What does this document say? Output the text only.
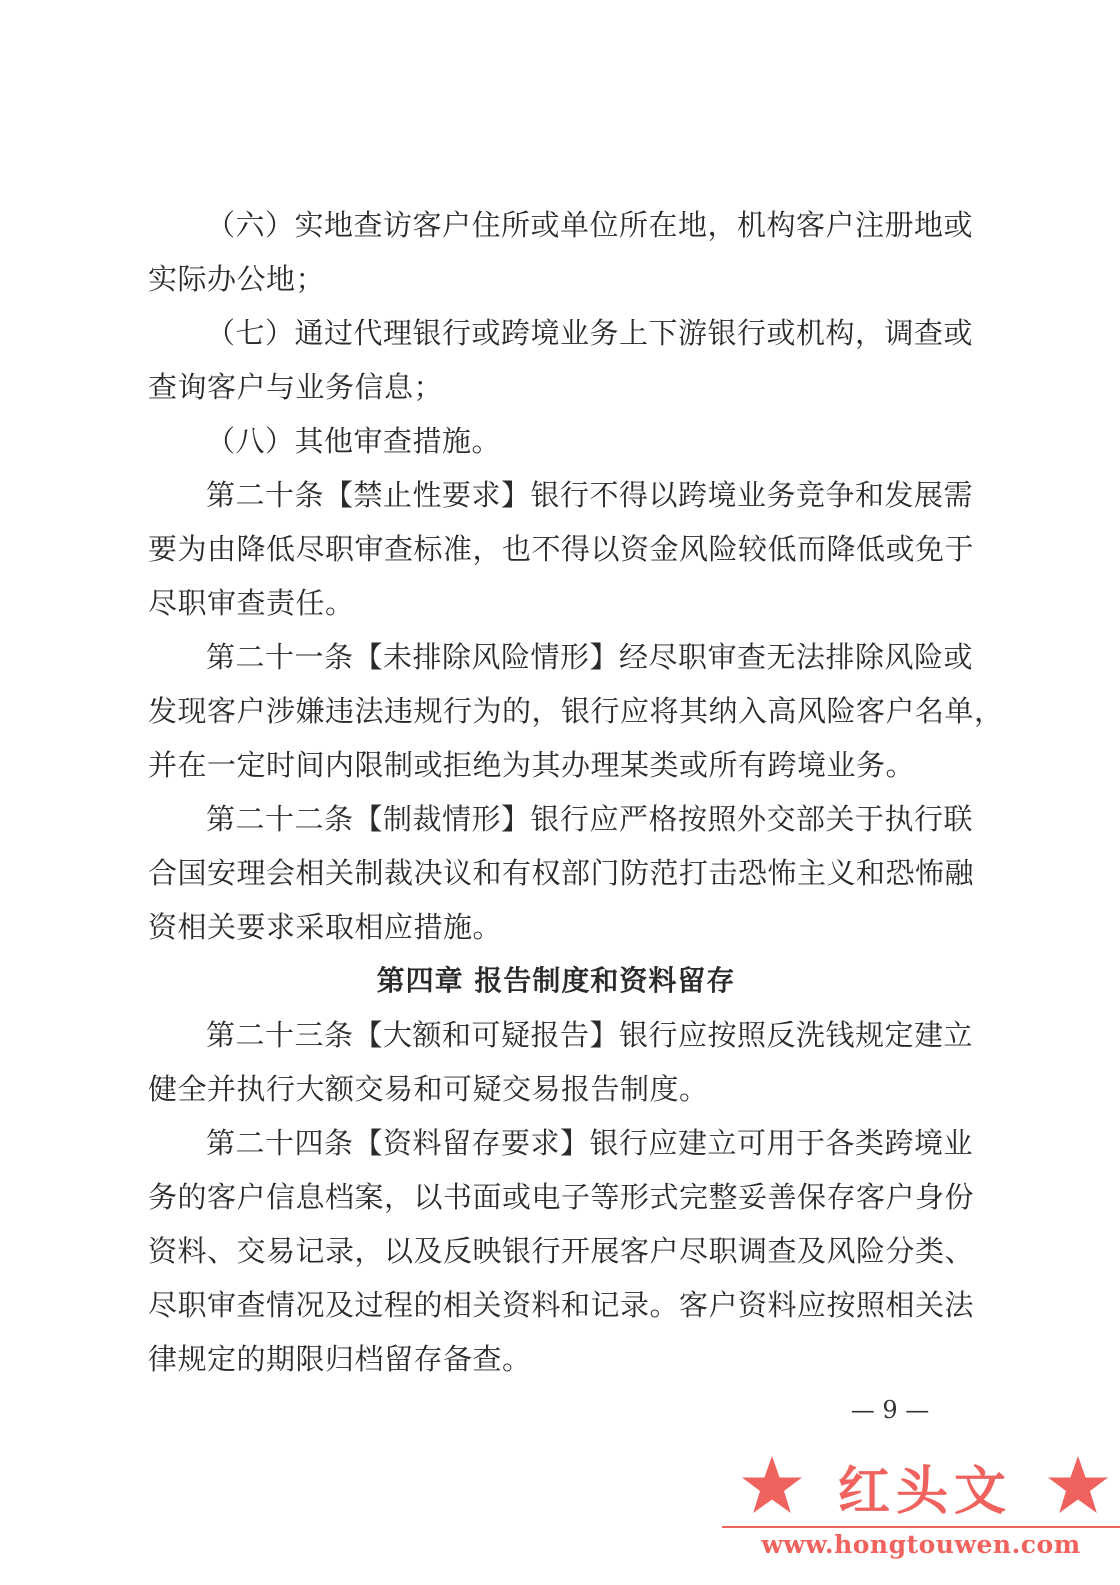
（六）实地查访客户住所或单位所在地，机构客户注册地或
实际办公地；
（七）通过代理银行或跨境业务上下游银行或机构，调查或
查询客户与业务信息；
（八）其他审查措施。
第二十条【禁止性要求】银行不得以跨境业务竞争和发展需
要为由降低尽职审查标准，也不得以资金风险较低而降低或免于
尽职审查责任。
第二十一条【未排除风险情形】经尽职审查无法排除风险或
发现客户涉嫌违法违规行为的，银行应将其纳入高风险客户名单，
并在一定时间内限制或拒绝为其办理某类或所有跨境业务。
第二十二条【制裁情形】银行应严格按照外交部关于执行联
合国安理会相关制裁决议和有权部门防范打击恐怖主义和恐怖融
资相关要求采取相应措施。
第四章 报告制度和资料留存
第二十三条【大额和可疑报告】银行应按照反洗钱规定建立
健全并执行大额交易和可疑交易报告制度。
第二十四条【资料留存要求】银行应建立可用于各类跨境业
务的客户信息档案，以书面或电子等形式完整妥善保存客户身份
资料、交易记录，以及反映银行开展客户尽职调查及风险分类、
尽职审查情况及过程的相关资料和记录。客户资料应按照相关法
律规定的期限归档留存备查。
— 9 —
红头文
www.hongtouwen.com
